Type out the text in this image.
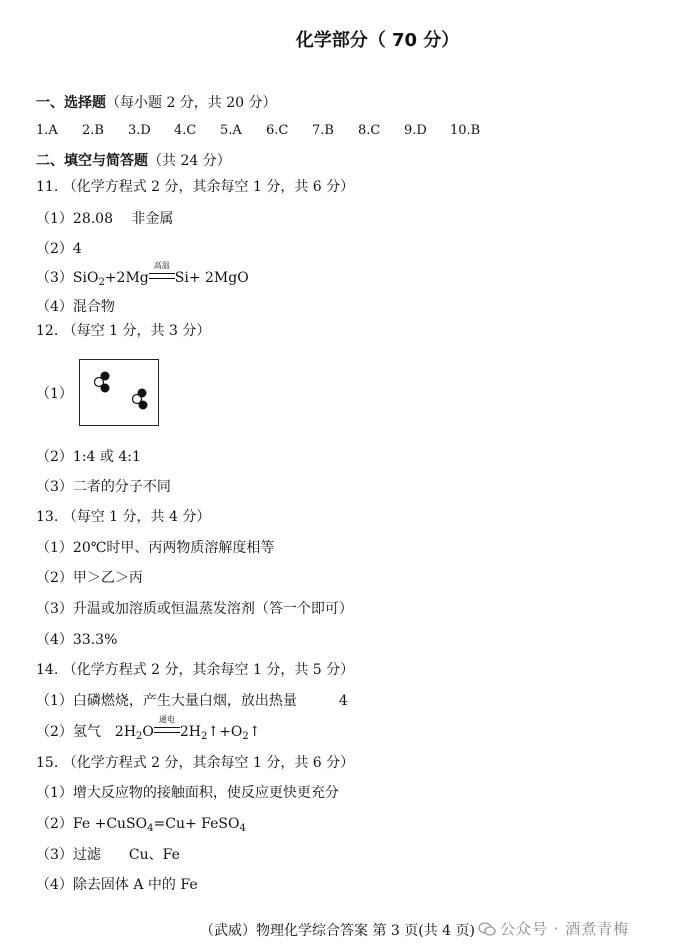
化学部分（ 70 分）
一、选择题（每小题 2 分，共 20 分）
1.A	2.B	3.D	4.C	5.A	6.C	7.B	8.C	9.D	10.B
二、填空与简答题（共 24 分）
11. （化学方程式 2 分，其余每空 1 分，共 6 分）
（1）28.08　 非金属
（2）4
（3）SiO$_2$+2Mg
高温
Si+ 2MgO
（4）混合物
12. （每空 1 分，共 3 分）
（1）
（2）1:4 或 4:1
（3）二者的分子不同
13. （每空 1 分，共 4 分）
（1）20℃时甲、丙两物质溶解度相等
（2）甲＞乙＞丙
（3）升温或加溶质或恒温蒸发溶剂（答一个即可）
（4）33.3%
14. （化学方程式 2 分，其余每空 1 分，共 5 分）
（1）白磷燃烧，产生大量白烟，放出热量　　　4
（2）氢气　$2H_2O$
通电
$2H_2↑+O_2↑$
15. （化学方程式 2 分，其余每空 1 分，共 6 分）
（1）增大反应物的接触面积，使反应更快更充分
（2）Fe +CuSO$_4$=Cu+ FeSO$_4$
（3）过滤　　Cu、Fe
（4）除去固体 A 中的 Fe
（武威）物理化学综合答案 第 3 页(共 4 页)	公众号 · 酒煮青梅
